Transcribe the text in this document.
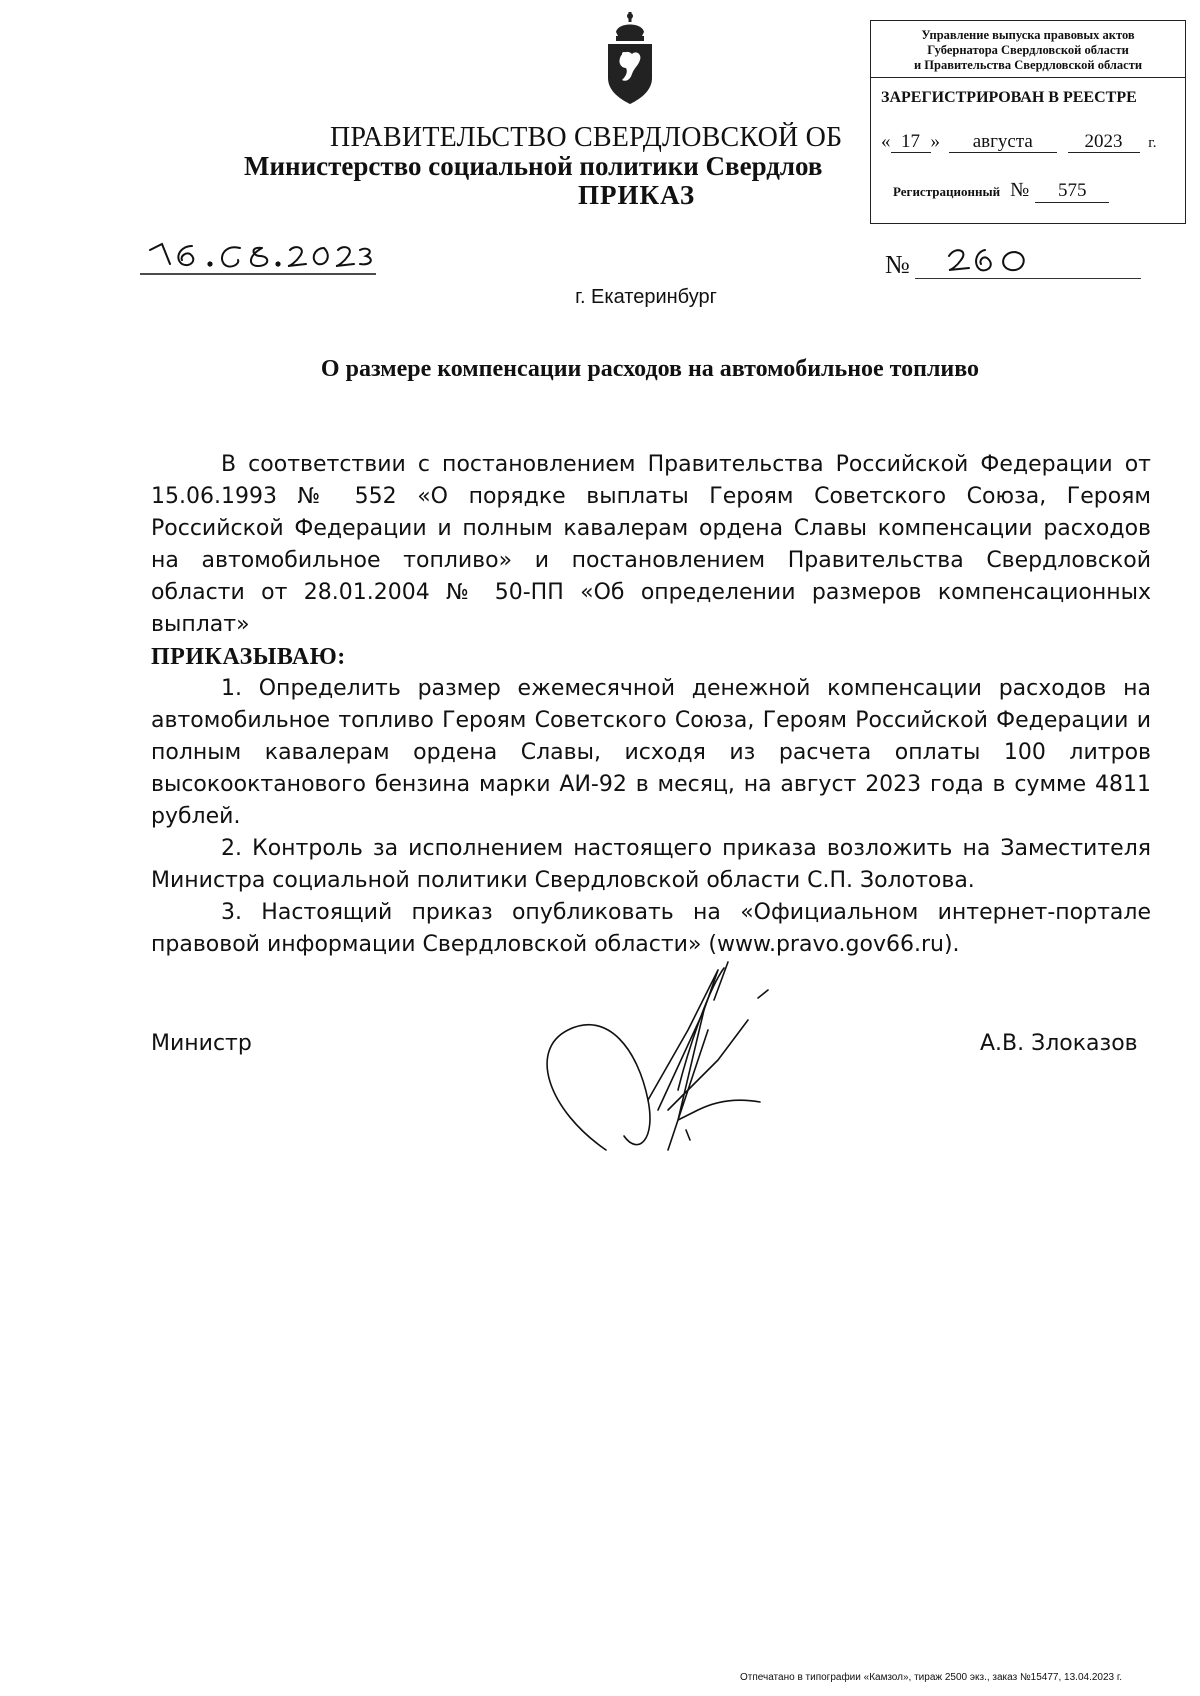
ПРАВИТЕЛЬСТВО СВЕРДЛОВСКОЙ ОБ
Министерство социальной политики Свердлов
ПРИКАЗ
Управление выпуска правовых актов
Губернатора Свердловской области
и Правительства Свердловской области
ЗАРЕГИСТРИРОВАН В РЕЕСТРЕ
« 17 » августа	2023 г.
Регистрационный № 575
№
г. Екатеринбург
О размере компенсации расходов на автомобильное топливо

В соответствии с постановлением Правительства Российской Федерации от 15.06.1993 № 552 «О порядке выплаты Героям Советского Союза, Героям Российской Федерации и полным кавалерам ордена Славы компенсации расходов на автомобильное топливо» и постановлением Правительства Свердловской области от 28.01.2004 № 50-ПП «Об определении размеров компенсационных выплат»

ПРИКАЗЫВАЮ:

1. Определить размер ежемесячной денежной компенсации расходов на автомобильное топливо Героям Советского Союза, Героям Российской Федерации и полным кавалерам ордена Славы, исходя из расчета оплаты 100 литров высокооктанового бензина марки АИ-92 в месяц, на август 2023 года в сумме 4811 рублей.

2. Контроль за исполнением настоящего приказа возложить на Заместителя Министра социальной политики Свердловской области С.П. Золотова.

3. Настоящий приказ опубликовать на «Официальном интернет-портале правовой информации Свердловской области» (www.pravo.gov66.ru).

Министр	А.В. Злоказов
Отпечатано в типографии «Камзол», тираж 2500 экз., заказ №15477, 13.04.2023 г.
